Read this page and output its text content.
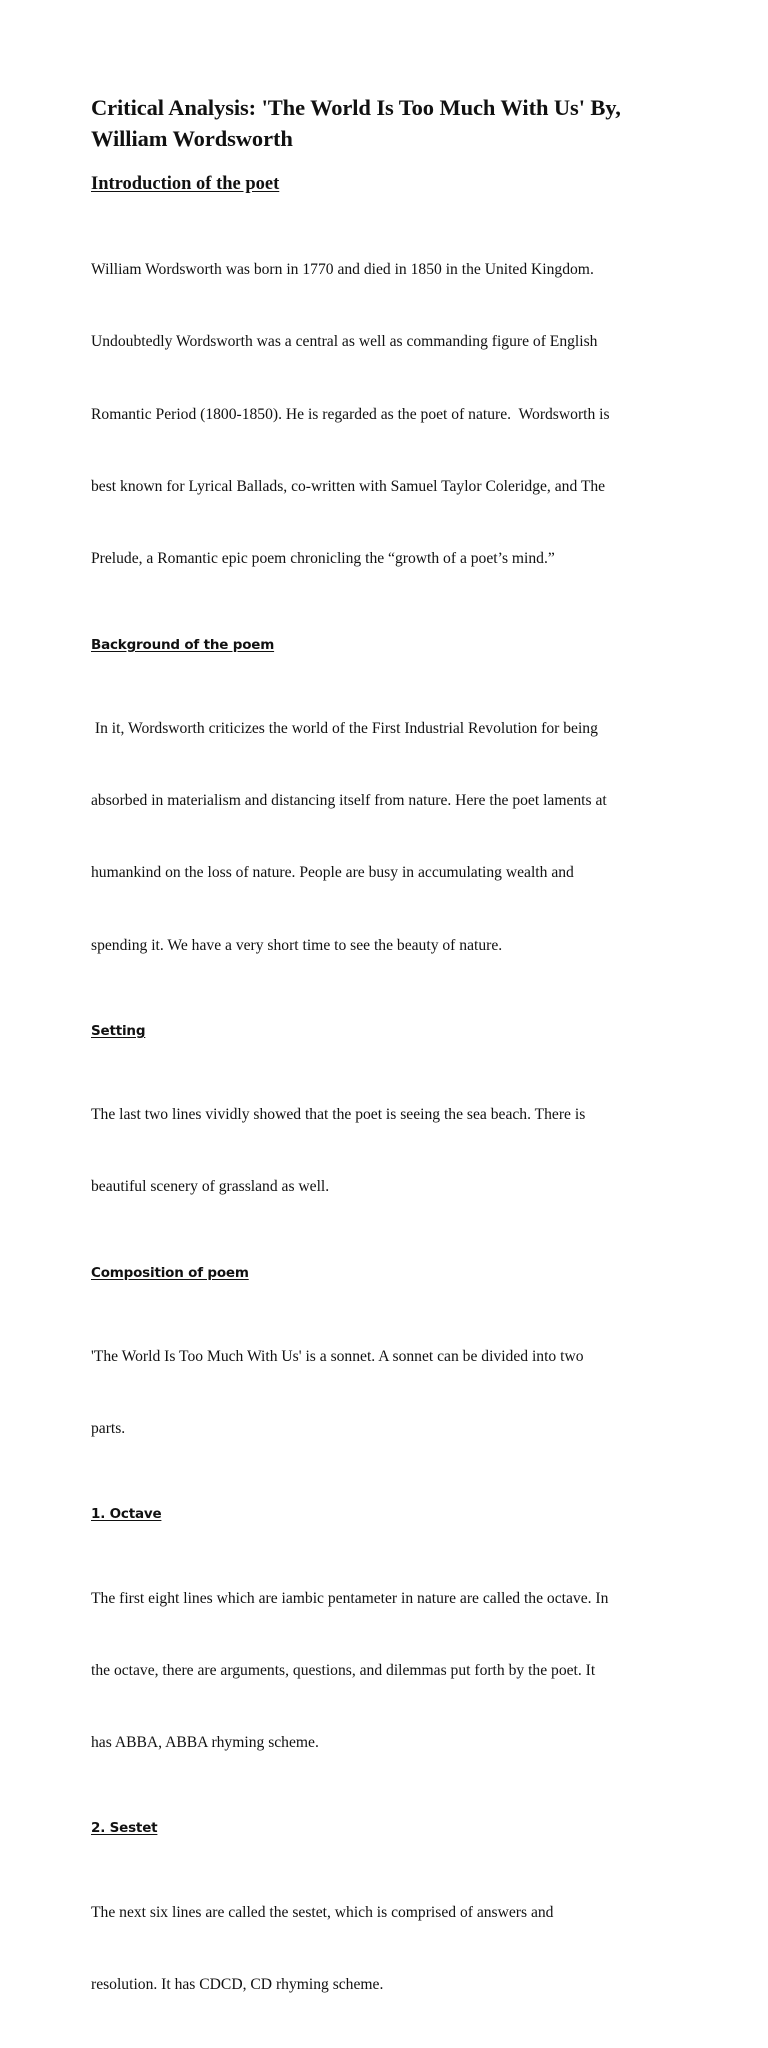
Critical Analysis: 'The World Is Too Much With Us' By,
William Wordsworth
Introduction of the poet

William Wordsworth was born in 1770 and died in 1850 in the United Kingdom.

Undoubtedly Wordsworth was a central as well as commanding figure of English

Romantic Period (1800-1850). He is regarded as the poet of nature.  Wordsworth is

best known for Lyrical Ballads, co-written with Samuel Taylor Coleridge, and The

Prelude, a Romantic epic poem chronicling the “growth of a poet’s mind.”

Background of the poem

In it, Wordsworth criticizes the world of the First Industrial Revolution for being

absorbed in materialism and distancing itself from nature. Here the poet laments at

humankind on the loss of nature. People are busy in accumulating wealth and

spending it. We have a very short time to see the beauty of nature.

Setting

The last two lines vividly showed that the poet is seeing the sea beach. There is

beautiful scenery of grassland as well.

Composition of poem

'The World Is Too Much With Us' is a sonnet. A sonnet can be divided into two

parts.

1. Octave

The first eight lines which are iambic pentameter in nature are called the octave. In

the octave, there are arguments, questions, and dilemmas put forth by the poet. It

has ABBA, ABBA rhyming scheme.

2. Sestet

The next six lines are called the sestet, which is comprised of answers and

resolution. It has CDCD, CD rhyming scheme.
